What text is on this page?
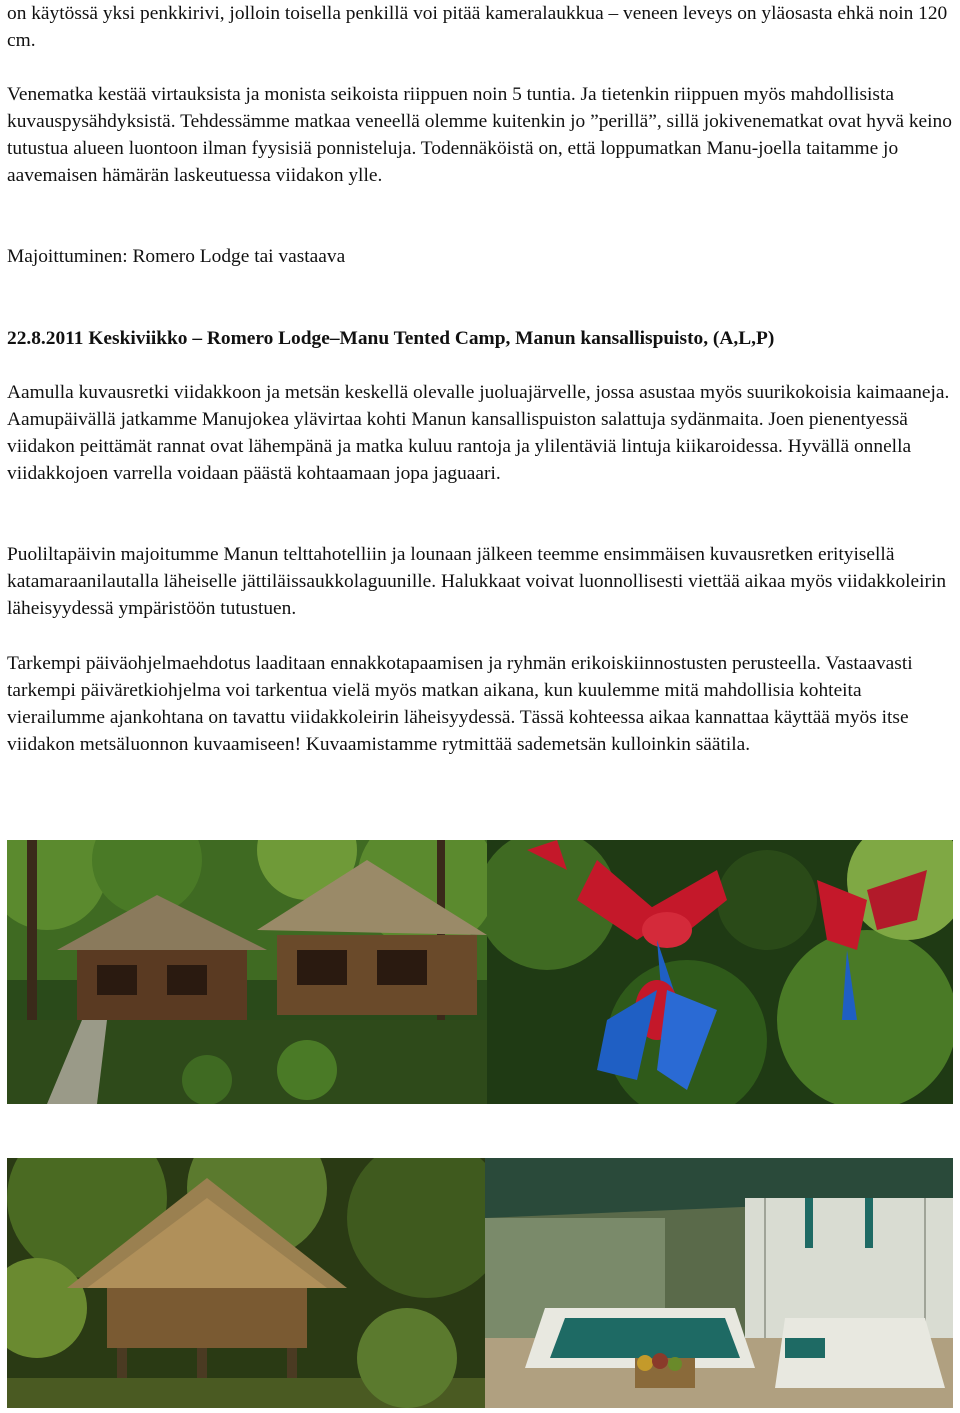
on käytössä yksi penkkirivi, jolloin toisella penkillä voi pitää kameralaukkua – veneen leveys on yläosasta ehkä noin 120 cm.

Venematka kestää virtauksista ja monista seikoista riippuen noin 5 tuntia. Ja tietenkin riippuen myös mahdollisista kuvauspysähdyksistä. Tehdessämme matkaa veneellä olemme kuitenkin jo ”perillä”, sillä jokivenematkat ovat hyvä keino tutustua alueen luontoon ilman fyysisiä ponnisteluja. Todennäköistä on, että loppumatkan Manu-joella taitamme jo aavemaisen hämärän laskeutuessa viidakon ylle.

Majoittuminen: Romero Lodge tai vastaava

22.8.2011 Keskiviikko – Romero Lodge–Manu Tented Camp, Manun kansallispuisto, (A,L,P)

Aamulla kuvausretki viidakkoon ja metsän keskellä olevalle juoluajärvelle, jossa asustaa myös suurikokoisia kaimaaneja. Aamupäivällä jatkamme Manujokea ylävirtaa kohti Manun kansallispuiston salattuja sydänmaita. Joen pienentyessä viidakon peittämät rannat ovat lähempänä ja matka kuluu rantoja ja ylilentäviä lintuja kiikaroidessa. Hyvällä onnella viidakkojoen varrella voidaan päästä kohtaamaan jopa jaguaari.

Puoliltapäivin majoitumme Manun telttahotelliin ja lounaan jälkeen teemme ensimmäisen kuvausretken erityisellä katamaraanilautalla läheiselle jättiläissaukkolaguunille. Halukkaat voivat luonnollisesti viettää aikaa myös viidakkoleirin läheisyydessä ympäristöön tutustuen.

Tarkempi päiväohjelmaehdotus laaditaan ennakkotapaamisen ja ryhmän erikoiskiinnostusten perusteella. Vastaavasti tarkempi päiväretkiohjelma voi tarkentua vielä myös matkan aikana, kun kuulemme mitä mahdollisia kohteita vierailumme ajankohtana on tavattu viidakkoleirin läheisyydessä. Tässä kohteessa aikaa kannattaa käyttää myös itse viidakon metsäluonnon kuvaamiseen! Kuvaamistamme rytmittää sademetsän kulloinkin säätila.
